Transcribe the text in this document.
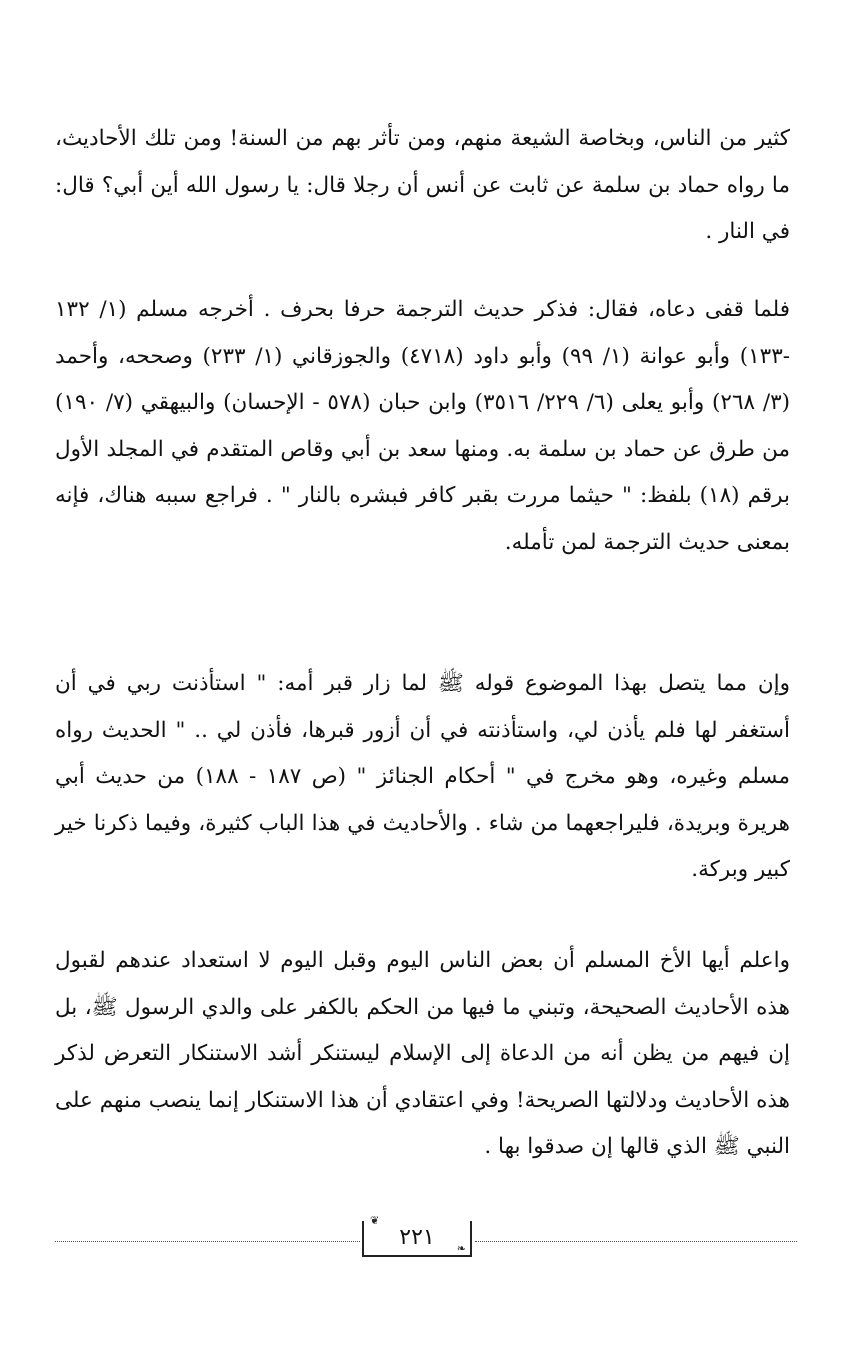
كثير من الناس، وبخاصة الشيعة منهم، ومن تأثر بهم من السنة! ومن تلك الأحاديث، ما رواه حماد بن سلمة عن ثابت عن أنس أن رجلا قال: يا رسول الله أين أبي؟ قال: في النار .

فلما قفى دعاه، فقال: فذكر حديث الترجمة حرفا بحرف . أخرجه مسلم (١/ ١٣٢ -١٣٣) وأبو عوانة (١/ ٩٩) وأبو داود (٤٧١٨) والجوزقاني (١/ ٢٣٣) وصححه، وأحمد (٣/ ٢٦٨) وأبو يعلى (٦/ ٢٢٩/ ٣٥١٦) وابن حبان (٥٧٨ - الإحسان) والبيهقي (٧/ ١٩٠) من طرق عن حماد بن سلمة به. ومنها سعد بن أبي وقاص المتقدم في المجلد الأول برقم (١٨) بلفظ: " حيثما مررت بقبر كافر فبشره بالنار " . فراجع سببه هناك، فإنه بمعنى حديث الترجمة لمن تأمله.

وإن مما يتصل بهذا الموضوع قوله ﷺ لما زار قبر أمه: " استأذنت ربي في أن أستغفر لها فلم يأذن لي، واستأذنته في أن أزور قبرها، فأذن لي .. " الحديث رواه مسلم وغيره، وهو مخرج في " أحكام الجنائز " (ص ١٨٧ - ١٨٨) من حديث أبي هريرة وبريدة، فليراجعهما من شاء . والأحاديث في هذا الباب كثيرة، وفيما ذكرنا خير كبير وبركة.

واعلم أيها الأخ المسلم أن بعض الناس اليوم وقبل اليوم لا استعداد عندهم لقبول هذه الأحاديث الصحيحة، وتبني ما فيها من الحكم بالكفر على والدي الرسول ﷺ، بل إن فيهم من يظن أنه من الدعاة إلى الإسلام ليستنكر أشد الاستنكار التعرض لذكر هذه الأحاديث ودلالتها الصريحة! وفي اعتقادي أن هذا الاستنكار إنما ينصب منهم على النبي ﷺ الذي قالها إن صدقوا بها .

❦
❧
٢٢١
